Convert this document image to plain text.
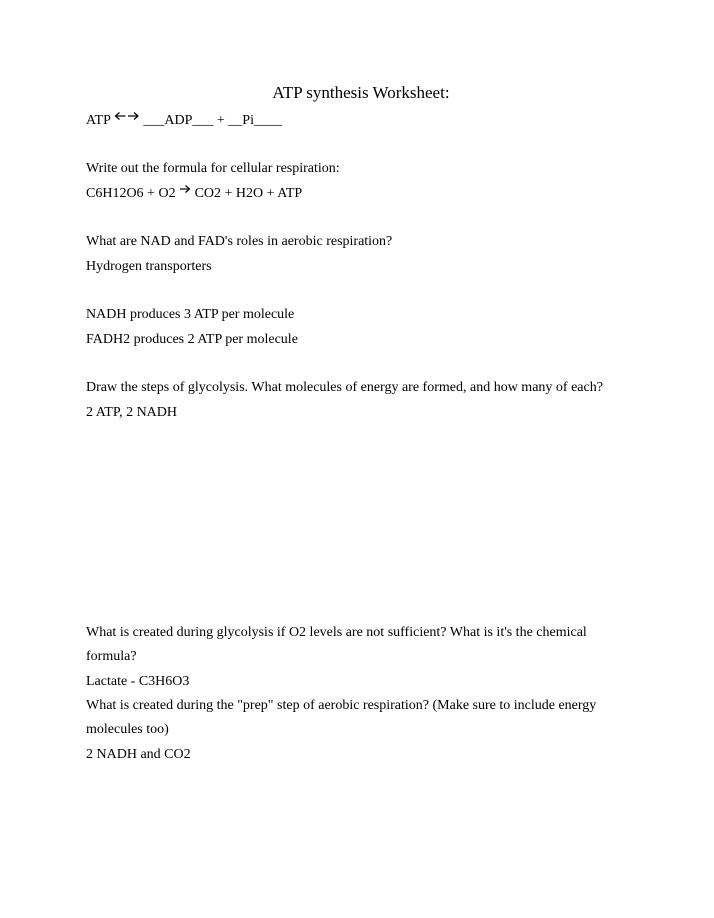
ATP synthesis Worksheet:
ATP ___ADP___ + __Pi____
Write out the formula for cellular respiration:
C6H12O6 + O2 CO2 + H2O + ATP
What are NAD and FAD's roles in aerobic respiration?
Hydrogen transporters
NADH produces 3 ATP per molecule
FADH2 produces 2 ATP per molecule
Draw the steps of glycolysis. What molecules of energy are formed, and how many of each?
2 ATP, 2 NADH
What is created during glycolysis if O2 levels are not sufficient? What is it's the chemical
formula?
Lactate - C3H6O3
What is created during the "prep" step of aerobic respiration? (Make sure to include energy
molecules too)
2 NADH and CO2
